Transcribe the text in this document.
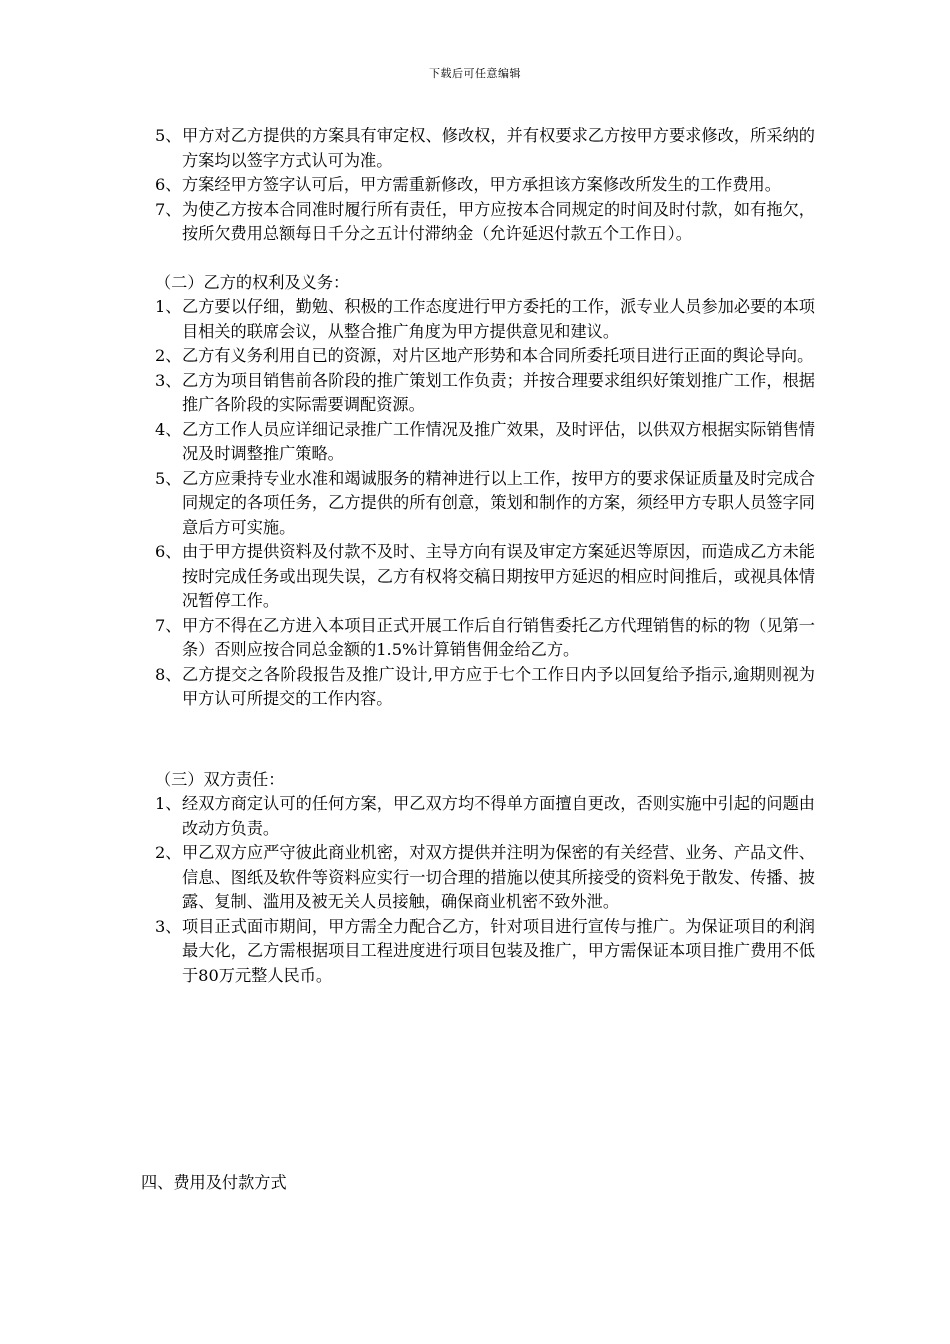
下载后可任意编辑
5、 甲方对乙方提供的方案具有审定权、修改权，并有权要求乙方按甲方要求修改，所采纳的方案均以签字方式认可为准。
6、 方案经甲方签字认可后，甲方需重新修改，甲方承担该方案修改所发生的工作费用。
7、 为使乙方按本合同准时履行所有责任，甲方应按本合同规定的时间及时付款，如有拖欠，按所欠费用总额每日千分之五计付滞纳金（允许延迟付款五个工作日）。
（二）乙方的权利及义务：
1、 乙方要以仔细，勤勉、积极的工作态度进行甲方委托的工作，派专业人员参加必要的本项目相关的联席会议，从整合推广角度为甲方提供意见和建议。
2、 乙方有义务利用自已的资源，对片区地产形势和本合同所委托项目进行正面的舆论导向。
3、 乙方为项目销售前各阶段的推广策划工作负责；并按合理要求组织好策划推广工作，根据推广各阶段的实际需要调配资源。
4、 乙方工作人员应详细记录推广工作情况及推广效果，及时评估，以供双方根据实际销售情况及时调整推广策略。
5、 乙方应秉持专业水准和竭诚服务的精神进行以上工作，按甲方的要求保证质量及时完成合同规定的各项任务，乙方提供的所有创意，策划和制作的方案，须经甲方专职人员签字同意后方可实施。
6、 由于甲方提供资料及付款不及时、主导方向有误及审定方案延迟等原因，而造成乙方未能按时完成任务或出现失误，乙方有权将交稿日期按甲方延迟的相应时间推后，或视具体情况暂停工作。
7、 甲方不得在乙方进入本项目正式开展工作后自行销售委托乙方代理销售的标的物（见第一条）否则应按合同总金额的1.5%计算销售佣金给乙方。
8、 乙方提交之各阶段报告及推广设计,甲方应于七个工作日内予以回复给予指示,逾期则视为甲方认可所提交的工作内容。
（三）双方责任：
1、 经双方商定认可的任何方案，甲乙双方均不得单方面擅自更改，否则实施中引起的问题由改动方负责。
2、 甲乙双方应严守彼此商业机密，对双方提供并注明为保密的有关经营、业务、产品文件、信息、图纸及软件等资料应实行一切合理的措施以使其所接受的资料免于散发、传播、披露、复制、滥用及被无关人员接触，确保商业机密不致外泄。
3、 项目正式面市期间，甲方需全力配合乙方，针对项目进行宣传与推广。为保证项目的利润最大化，乙方需根据项目工程进度进行项目包装及推广，甲方需保证本项目推广费用不低于80万元整人民币。
四、费用及付款方式
